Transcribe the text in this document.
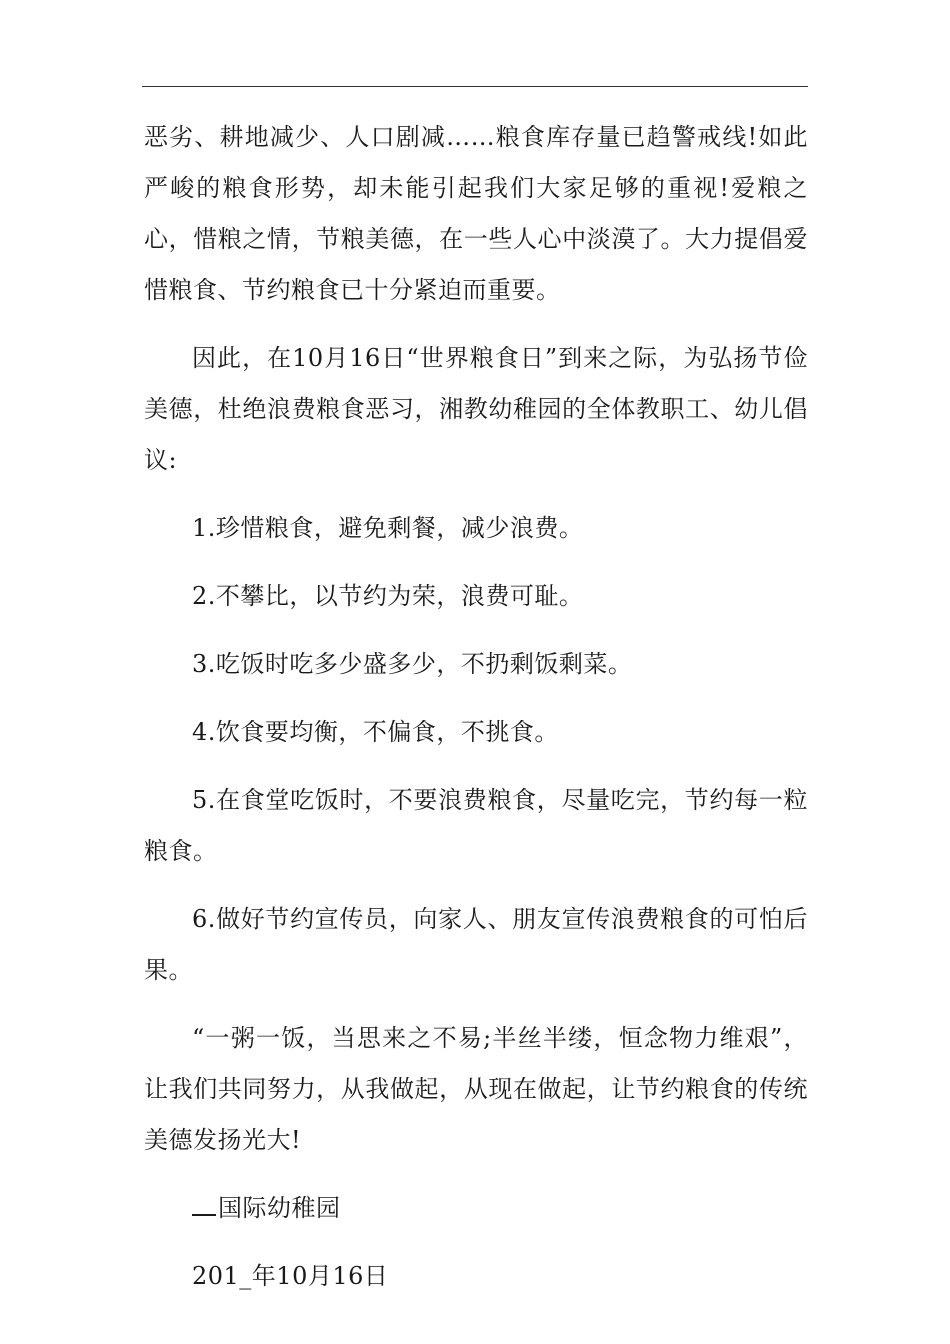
恶劣、耕地减少、人口剧减……粮食库存量已趋警戒线!如此严峻的粮食形势，却未能引起我们大家足够的重视!爱粮之心，惜粮之情，节粮美德，在一些人心中淡漠了。大力提倡爱惜粮食、节约粮食已十分紧迫而重要。

因此，在10月16日“世界粮食日”到来之际，为弘扬节俭美德，杜绝浪费粮食恶习，湘教幼稚园的全体教职工、幼儿倡议:

1.珍惜粮食，避免剩餐，减少浪费。

2.不攀比，以节约为荣，浪费可耻。

3.吃饭时吃多少盛多少，不扔剩饭剩菜。

4.饮食要均衡，不偏食，不挑食。

5.在食堂吃饭时，不要浪费粮食，尽量吃完，节约每一粒粮食。

6.做好节约宣传员，向家人、朋友宣传浪费粮食的可怕后果。

“一粥一饭，当思来之不易;半丝半缕，恒念物力维艰”，让我们共同努力，从我做起，从现在做起，让节约粮食的传统美德发扬光大!

国际幼稚园

201_年10月16日
